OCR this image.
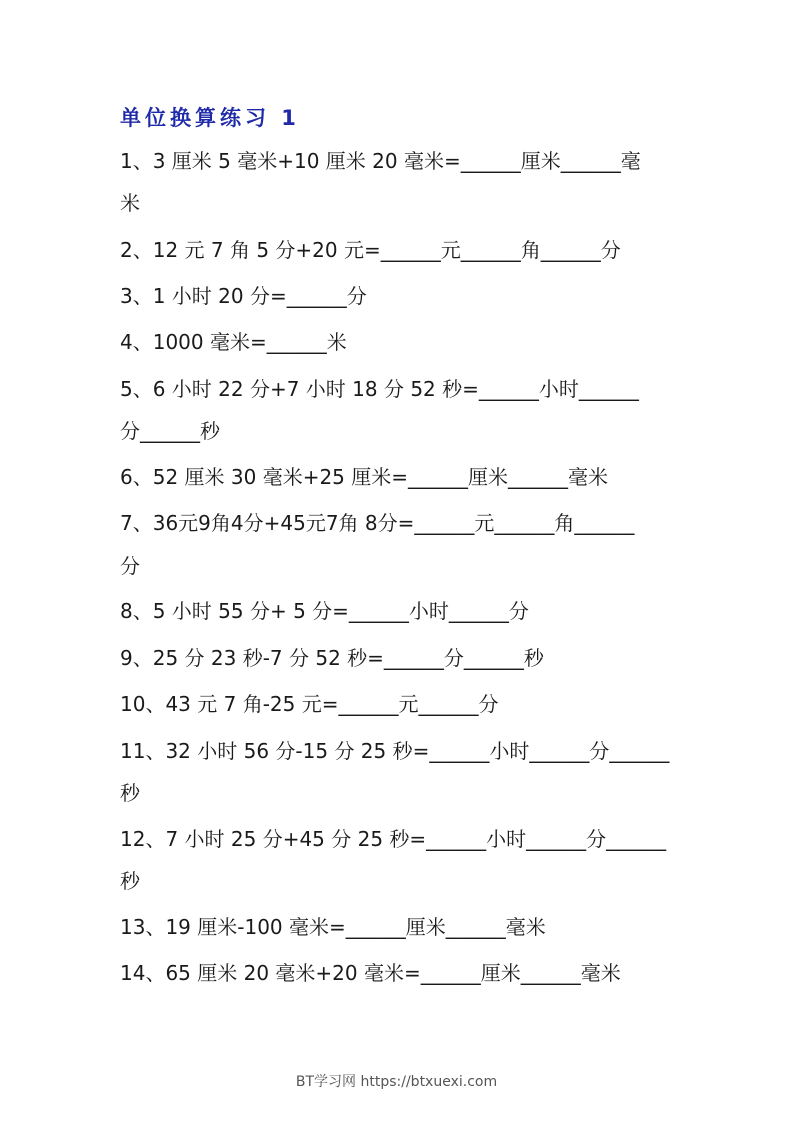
单位换算练习 1
1、3 厘米 5 毫米+10 厘米 20 毫米=______厘米______毫
米
2、12 元 7 角 5 分+20 元=______元______角______分
3、1 小时 20 分=______分
4、1000 毫米=______米
5、6 小时 22 分+7 小时 18 分 52 秒=______小时______
分______秒
6、52 厘米 30 毫米+25 厘米=______厘米______毫米
7、36元9角4分+45元7角 8分=______元______角______
分
8、5 小时 55 分+ 5 分=______小时______分
9、25 分 23 秒-7 分 52 秒=______分______秒
10、43 元 7 角-25 元=______元______分
11、32 小时 56 分-15 分 25 秒=______小时______分______
秒
12、7 小时 25 分+45 分 25 秒=______小时______分______
秒
13、19 厘米-100 毫米=______厘米______毫米
14、65 厘米 20 毫米+20 毫米=______厘米______毫米
BT学习网 https://btxuexi.com
